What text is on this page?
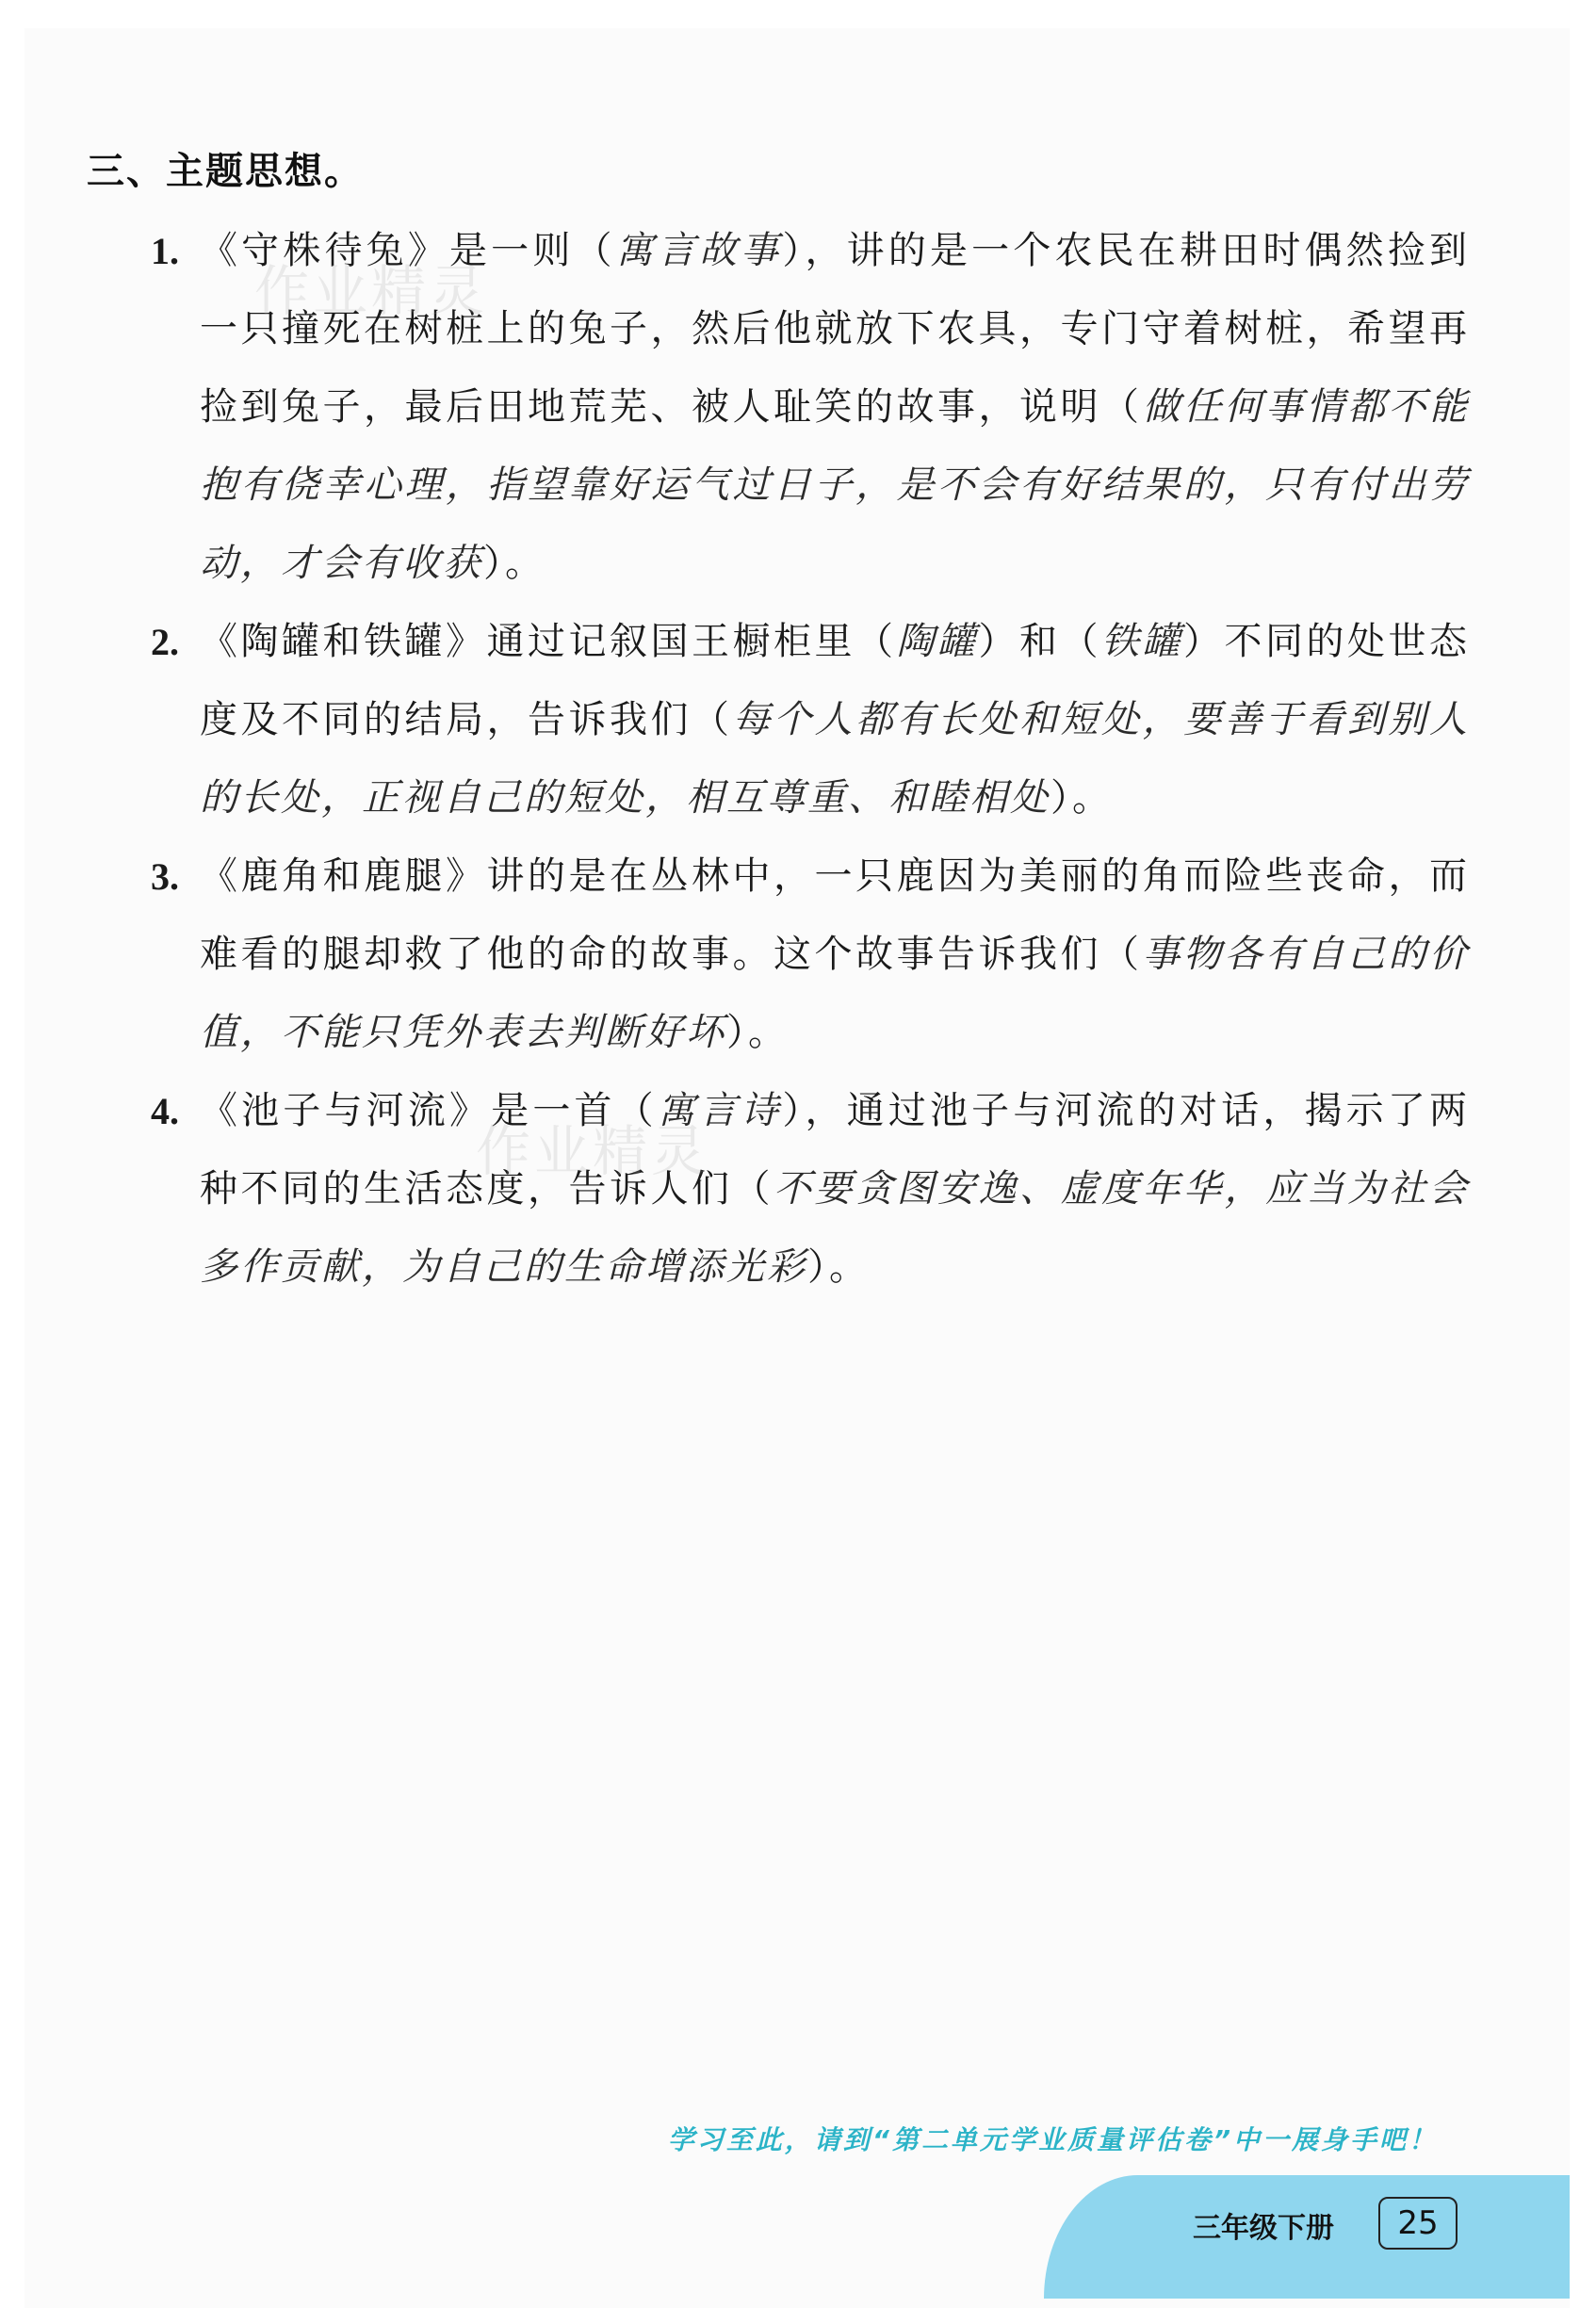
三、主题思想。
1. 《守株待兔》是一则（寓言故事），讲的是一个农民在耕田时偶然捡到一只撞死在树桩上的兔子，然后他就放下农具，专门守着树桩，希望再捡到兔子，最后田地荒芜、被人耻笑的故事，说明（做任何事情都不能抱有侥幸心理，指望靠好运气过日子，是不会有好结果的，只有付出劳动，才会有收获）。
2. 《陶罐和铁罐》通过记叙国王橱柜里（陶罐）和（铁罐）不同的处世态度及不同的结局，告诉我们（每个人都有长处和短处，要善于看到别人的长处，正视自己的短处，相互尊重、和睦相处）。
3. 《鹿角和鹿腿》讲的是在丛林中，一只鹿因为美丽的角而险些丧命，而难看的腿却救了他的命的故事。这个故事告诉我们（事物各有自己的价值，不能只凭外表去判断好坏）。
4. 《池子与河流》是一首（寓言诗），通过池子与河流的对话，揭示了两种不同的生活态度，告诉人们（不要贪图安逸、虚度年华，应当为社会多作贡献，为自己的生命增添光彩）。
作业精灵
作业精灵
学习至此，请到“第二单元学业质量评估卷”中一展身手吧！
三年级下册	25
